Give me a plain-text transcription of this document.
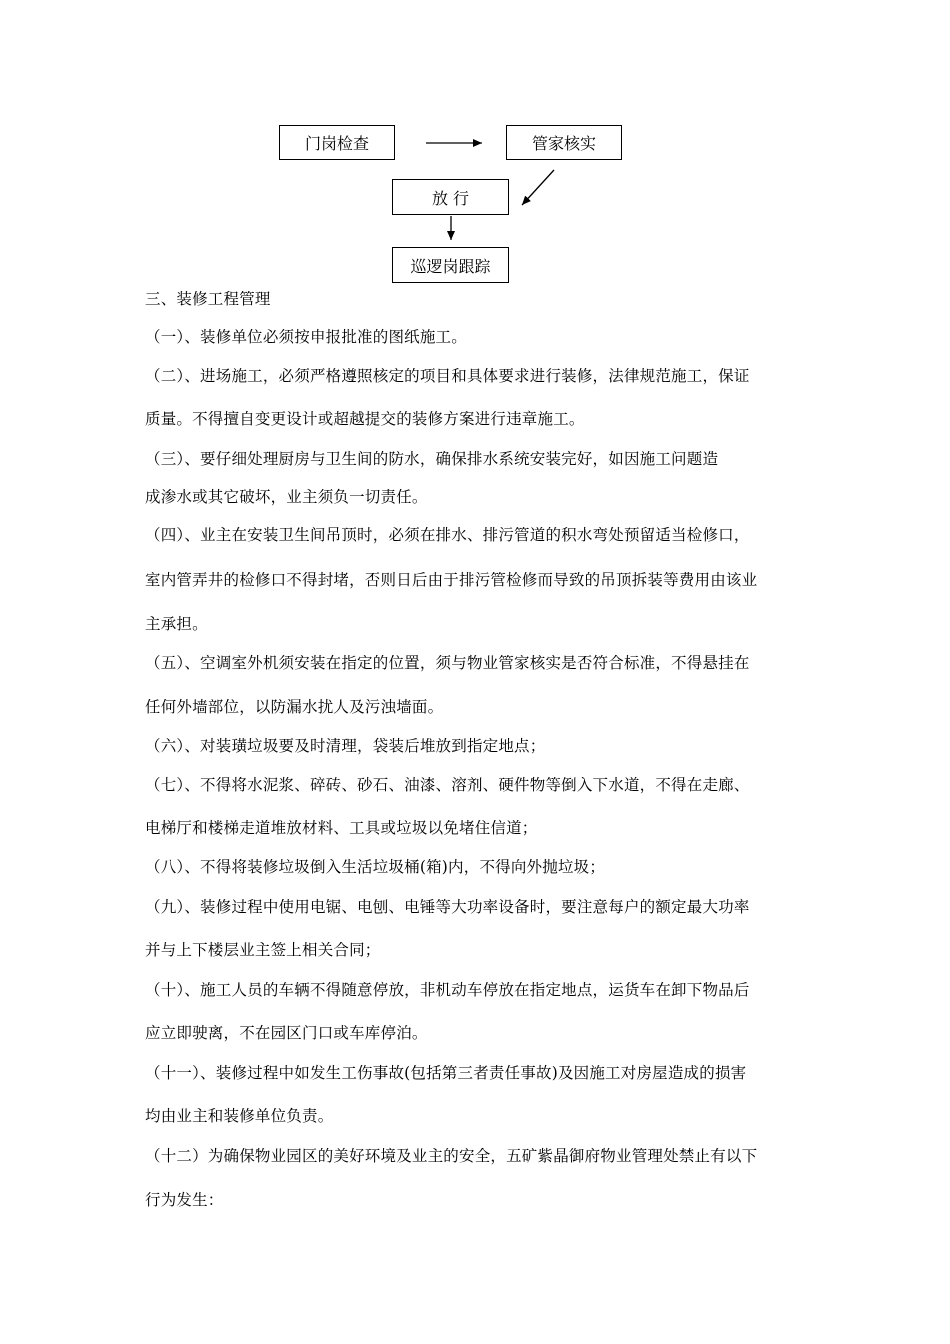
门岗检查	管家核实
放 行
巡逻岗跟踪
三、装修工程管理
（一）、装修单位必须按申报批准的图纸施工。
（二）、进场施工，必须严格遵照核定的项目和具体要求进行装修，法律规范施工，保证
质量。不得擅自变更设计或超越提交的装修方案进行违章施工。
（三）、要仔细处理厨房与卫生间的防水，确保排水系统安装完好，如因施工问题造
成渗水或其它破坏，业主须负一切责任。
（四）、业主在安装卫生间吊顶时，必须在排水、排污管道的积水弯处预留适当检修口，
室内管弄井的检修口不得封堵，否则日后由于排污管检修而导致的吊顶拆装等费用由该业
主承担。
（五）、空调室外机须安装在指定的位置，须与物业管家核实是否符合标准，不得悬挂在
任何外墙部位，以防漏水扰人及污浊墙面。
（六）、对装璜垃圾要及时清理，袋装后堆放到指定地点；
（七）、不得将水泥浆、碎砖、砂石、油漆、溶剂、硬件物等倒入下水道，不得在走廊、
电梯厅和楼梯走道堆放材料、工具或垃圾以免堵住信道；
（八）、不得将装修垃圾倒入生活垃圾桶(箱)内，不得向外抛垃圾；
（九）、装修过程中使用电锯、电刨、电锤等大功率设备时，要注意每户的额定最大功率
并与上下楼层业主签上相关合同；
（十）、施工人员的车辆不得随意停放，非机动车停放在指定地点，运货车在卸下物品后
应立即驶离，不在园区门口或车库停泊。
（十一）、装修过程中如发生工伤事故(包括第三者责任事故)及因施工对房屋造成的损害
均由业主和装修单位负责。
（十二）为确保物业园区的美好环境及业主的安全，五矿紫晶御府物业管理处禁止有以下
行为发生：
